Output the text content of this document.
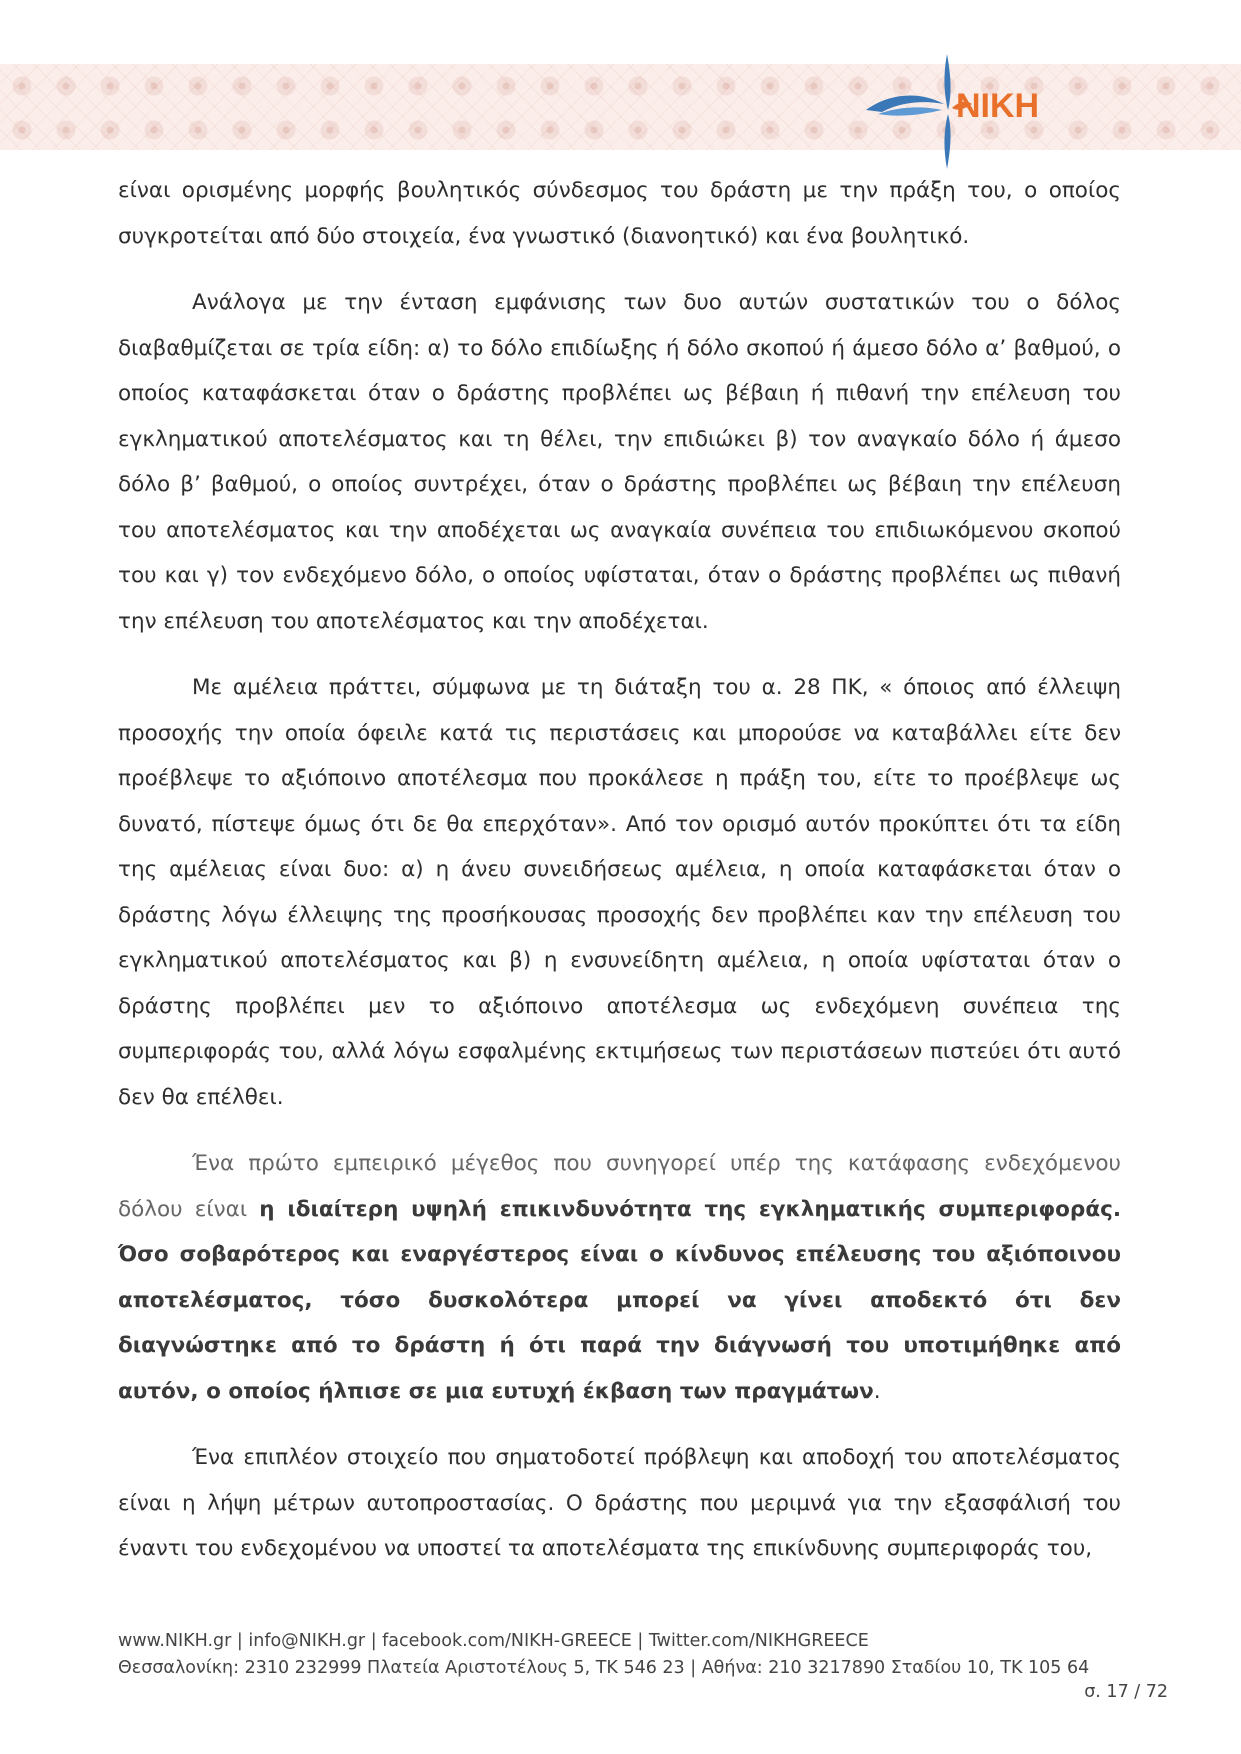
NIKH

είναι ορισμένης μορφής βουλητικός σύνδεσμος του δράστη με την πράξη του, ο οποίος συγκροτείται από δύο στοιχεία, ένα γνωστικό (διανοητικό) και ένα βουλητικό.

Ανάλογα με την ένταση εμφάνισης των δυο αυτών συστατικών του ο δόλος διαβαθμίζεται σε τρία είδη: α) το δόλο επιδίωξης ή δόλο σκοπού ή άμεσο δόλο α’ βαθμού, ο οποίος καταφάσκεται όταν ο δράστης προβλέπει ως βέβαιη ή πιθανή την επέλευση του εγκληματικού αποτελέσματος και τη θέλει, την επιδιώκει β) τον αναγκαίο δόλο ή άμεσο δόλο β’ βαθμού, ο οποίος συντρέχει, όταν ο δράστης προβλέπει ως βέβαιη την επέλευση του αποτελέσματος και την αποδέχεται ως αναγκαία συνέπεια του επιδιωκόμενου σκοπού του και γ) τον ενδεχόμενο δόλο, ο οποίος υφίσταται, όταν ο δράστης προβλέπει ως πιθανή την επέλευση του αποτελέσματος και την αποδέχεται.

Με αμέλεια πράττει, σύμφωνα με τη διάταξη του α. 28 ΠΚ, « όποιος από έλλειψη προσοχής την οποία όφειλε κατά τις περιστάσεις και μπορούσε να καταβάλλει είτε δεν προέβλεψε το αξιόποινο αποτέλεσμα που προκάλεσε η πράξη του, είτε το προέβλεψε ως δυνατό, πίστεψε όμως ότι δε θα επερχόταν». Από τον ορισμό αυτόν προκύπτει ότι τα είδη της αμέλειας είναι δυο: α) η άνευ συνειδήσεως αμέλεια, η οποία καταφάσκεται όταν ο δράστης λόγω έλλειψης της προσήκουσας προσοχής δεν προβλέπει καν την επέλευση του εγκληματικού αποτελέσματος και β) η ενσυνείδητη αμέλεια, η οποία υφίσταται όταν ο δράστης προβλέπει μεν το αξιόποινο αποτέλεσμα ως ενδεχόμενη συνέπεια της συμπεριφοράς του, αλλά λόγω εσφαλμένης εκτιμήσεως των περιστάσεων πιστεύει ότι αυτό δεν θα επέλθει.

Ένα πρώτο εμπειρικό μέγεθος που συνηγορεί υπέρ της κατάφασης ενδεχόμενου δόλου είναι η ιδιαίτερη υψηλή επικινδυνότητα της εγκληματικής συμπεριφοράς. Όσο σοβαρότερος και εναργέστερος είναι ο κίνδυνος επέλευσης του αξιόποινου αποτελέσματος, τόσο δυσκολότερα μπορεί να γίνει αποδεκτό ότι δεν διαγνώστηκε από το δράστη ή ότι παρά την διάγνωσή του υποτιμήθηκε από αυτόν, ο οποίος ήλπισε σε μια ευτυχή έκβαση των πραγμάτων.

Ένα επιπλέον στοιχείο που σηματοδοτεί πρόβλεψη και αποδοχή του αποτελέσματος είναι η λήψη μέτρων αυτοπροστασίας. Ο δράστης που μεριμνά για την εξασφάλισή του έναντι του ενδεχομένου να υποστεί τα αποτελέσματα της επικίνδυνης συμπεριφοράς του,

www.NIKH.gr | info@NIKH.gr | facebook.com/NIKH-GREECE | Twitter.com/NIKHGREECE
Θεσσαλονίκη: 2310 232999 Πλατεία Αριστοτέλους 5, ΤΚ 546 23 | Αθήνα: 210 3217890 Σταδίου 10, ΤΚ 105 64
σ. 17 / 72
